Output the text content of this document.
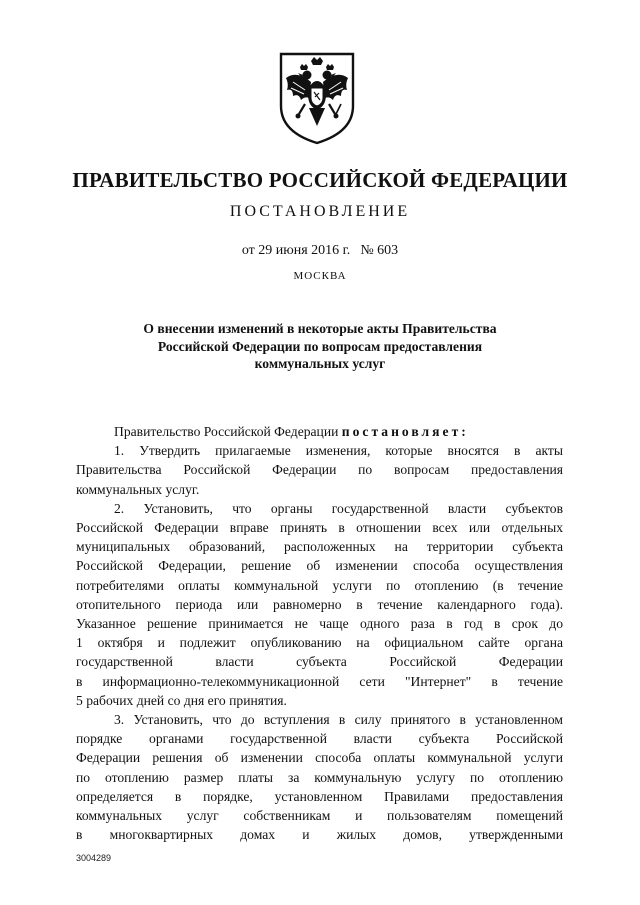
ПРАВИТЕЛЬСТВО РОССИЙСКОЙ ФЕДЕРАЦИИ
ПОСТАНОВЛЕНИЕ
от 29 июня 2016 г. № 603
МОСКВА
О внесении изменений в некоторые акты Правительства
Российской Федерации по вопросам предоставления
коммунальных услуг
Правительство Российской Федерации постановляет:
1. Утвердить прилагаемые изменения, которые вносятся в акты
Правительства Российской Федерации по вопросам предоставления
коммунальных услуг.
2. Установить, что органы государственной власти субъектов
Российской Федерации вправе принять в отношении всех или отдельных
муниципальных образований, расположенных на территории субъекта
Российской Федерации, решение об изменении способа осуществления
потребителями оплаты коммунальной услуги по отоплению (в течение
отопительного периода или равномерно в течение календарного года).
Указанное решение принимается не чаще одного раза в год в срок до
1 октября и подлежит опубликованию на официальном сайте органа
государственной власти субъекта Российской Федерации
в информационно-телекоммуникационной сети "Интернет" в течение
5 рабочих дней со дня его принятия.
3. Установить, что до вступления в силу принятого в установленном
порядке органами государственной власти субъекта Российской
Федерации решения об изменении способа оплаты коммунальной услуги
по отоплению размер платы за коммунальную услугу по отоплению
определяется в порядке, установленном Правилами предоставления
коммунальных услуг собственникам и пользователям помещений
в многоквартирных домах и жилых домов, утвержденными
3004289
